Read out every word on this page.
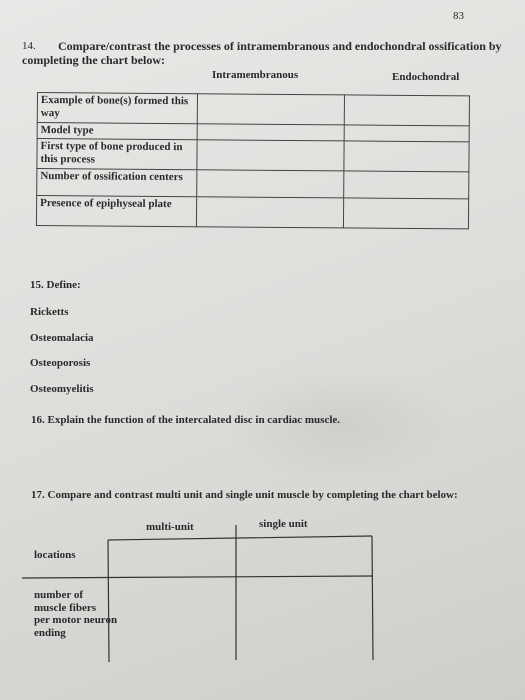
83
14. Compare/contrast the processes of intramembranous and endochondral ossification by
completing the chart below:
Intramembranous	Endochondral
Example of bone(s) formed this way		
Model type		
First type of bone produced in this process		
Number of ossification centers		
Presence of epiphyseal plate		
15. Define:
Ricketts
Osteomalacia
Osteoporosis
Osteomyelitis
16. Explain the function of the intercalated disc in cardiac muscle.
17. Compare and contrast multi unit and single unit muscle by completing the chart below:
multi-unit	single unit
locations
number of
muscle fibers
per motor neuron
ending
